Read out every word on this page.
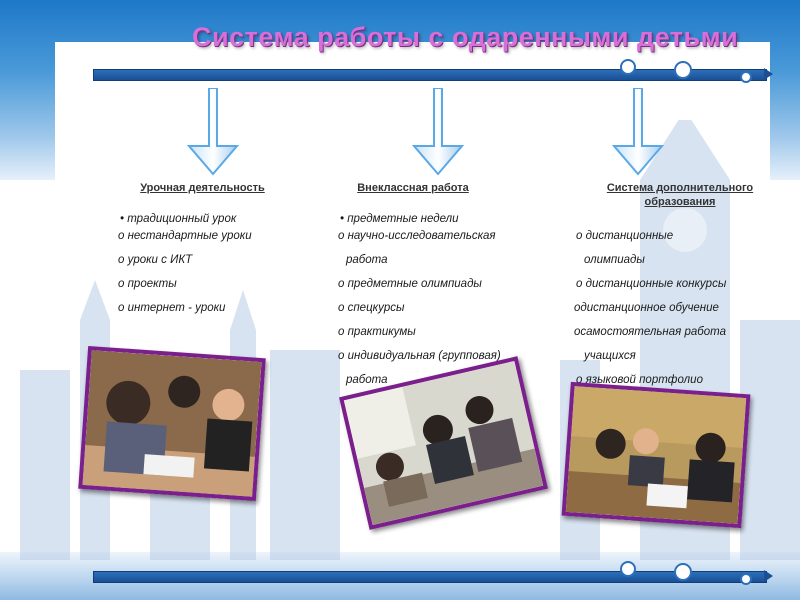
Система работы с одаренными детьми
Урочная деятельность	Внеклассная работа	Система дополнительного
образования
• традиционный урок
o нестандартные уроки
o уроки с ИКТ
o проекты
o интернет - уроки
• предметные недели
o научно-исследовательская
работа
o предметные олимпиады
o спецкурсы
o практикумы
o индивидуальная (групповая)
работа
o дистанционные
олимпиады
o дистанционные конкурсы
oдистанционное обучение
oсамостоятельная работа
учащихся
o языковой портфолио
